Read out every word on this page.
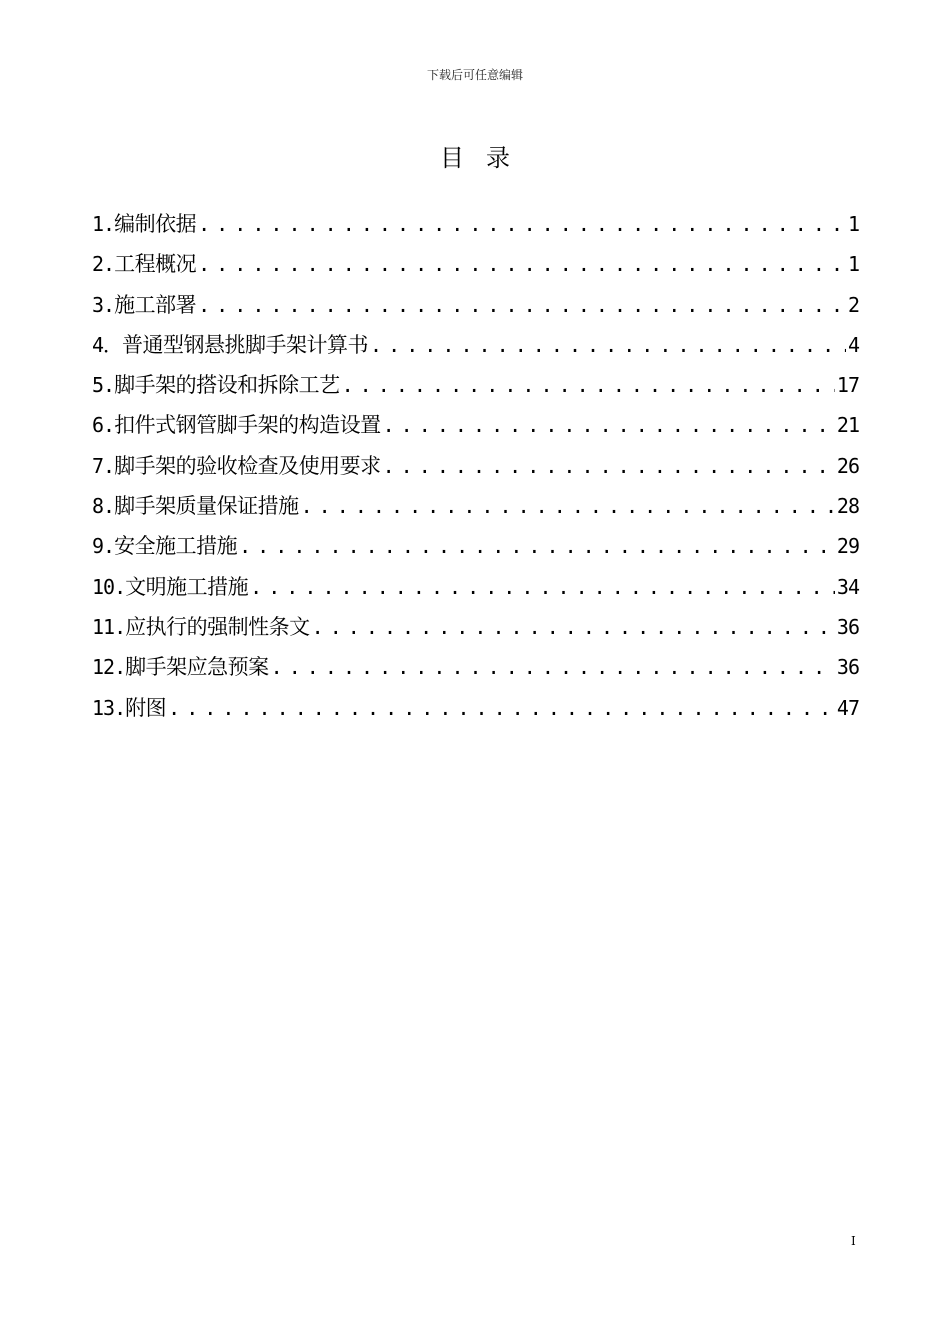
下载后可任意编辑
目录
1. 编制依据 . . .	1
2. 工程概况 . . .	1
3. 施工部署 . . .	2
4． 普通型钢悬挑脚手架计算书 . . .	4
5. 脚手架的搭设和拆除工艺 . . .	17
6. 扣件式钢管脚手架的构造设置 . . .	21
7. 脚手架的验收检查及使用要求 . . .	26
8. 脚手架质量保证措施 . . .	28
9. 安全施工措施 . . .	29
10. 文明施工措施 . . .	34
11. 应执行的强制性条文 . . .	36
12. 脚手架应急预案 . . .	36
13. 附图 . . .	47
I
